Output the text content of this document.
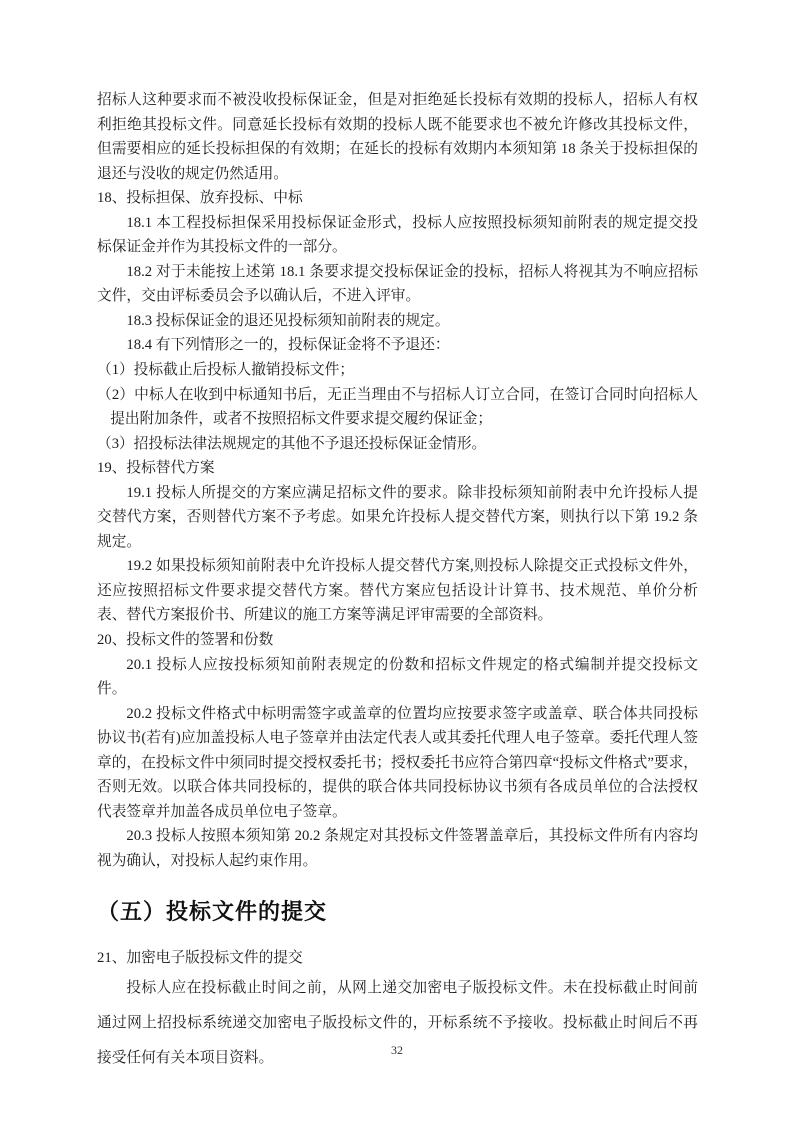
招标人这种要求而不被没收投标保证金，但是对拒绝延长投标有效期的投标人，招标人有权利拒绝其投标文件。同意延长投标有效期的投标人既不能要求也不被允许修改其投标文件，但需要相应的延长投标担保的有效期；在延长的投标有效期内本须知第 18 条关于投标担保的退还与没收的规定仍然适用。

18、投标担保、放弃投标、中标

18.1 本工程投标担保采用投标保证金形式，投标人应按照投标须知前附表的规定提交投标保证金并作为其投标文件的一部分。

18.2 对于未能按上述第 18.1 条要求提交投标保证金的投标，招标人将视其为不响应招标文件，交由评标委员会予以确认后，不进入评审。

18.3 投标保证金的退还见投标须知前附表的规定。

18.4 有下列情形之一的，投标保证金将不予退还：

（1）投标截止后投标人撤销投标文件；

（2）中标人在收到中标通知书后，无正当理由不与招标人订立合同，在签订合同时向招标人提出附加条件，或者不按照招标文件要求提交履约保证金；

（3）招投标法律法规规定的其他不予退还投标保证金情形。

19、投标替代方案

19.1 投标人所提交的方案应满足招标文件的要求。除非投标须知前附表中允许投标人提交替代方案，否则替代方案不予考虑。如果允许投标人提交替代方案，则执行以下第 19.2 条规定。

19.2 如果投标须知前附表中允许投标人提交替代方案,则投标人除提交正式投标文件外，还应按照招标文件要求提交替代方案。替代方案应包括设计计算书、技术规范、单价分析表、替代方案报价书、所建议的施工方案等满足评审需要的全部资料。

20、投标文件的签署和份数

20.1 投标人应按投标须知前附表规定的份数和招标文件规定的格式编制并提交投标文件。

20.2 投标文件格式中标明需签字或盖章的位置均应按要求签字或盖章、联合体共同投标协议书(若有)应加盖投标人电子签章并由法定代表人或其委托代理人电子签章。委托代理人签章的，在投标文件中须同时提交授权委托书；授权委托书应符合第四章“投标文件格式”要求，否则无效。以联合体共同投标的，提供的联合体共同投标协议书须有各成员单位的合法授权代表签章并加盖各成员单位电子签章。

20.3 投标人按照本须知第 20.2 条规定对其投标文件签署盖章后，其投标文件所有内容均视为确认，对投标人起约束作用。

（五）投标文件的提交

21、加密电子版投标文件的提交

投标人应在投标截止时间之前，从网上递交加密电子版投标文件。未在投标截止时间前通过网上招投标系统递交加密电子版投标文件的，开标系统不予接收。投标截止时间后不再接受任何有关本项目资料。	32
